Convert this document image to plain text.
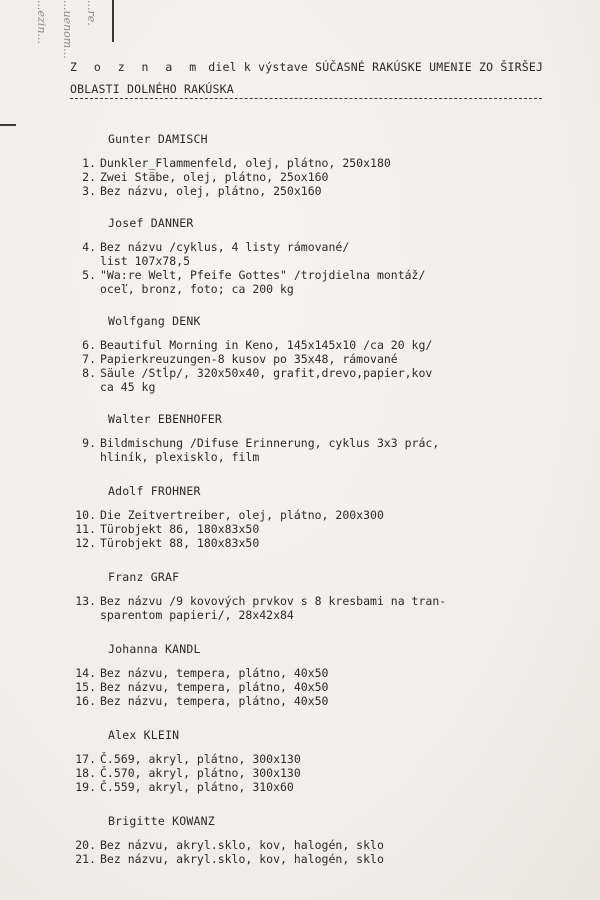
...ezin... ...uenom... ...re.
Z o z n a m diel k výstave SÚČASNÉ RAKÚSKE UMENIE ZO ŠIRŠEJ
OBLASTI DOLNÉHO RAKÚSKA
Gunter DAMISCH
1. Dunkler_Flammenfeld, olej, plátno, 250x180
2. Zwei Stäbe, olej, plátno, 25ox160
3. Bez názvu, olej, plátno, 250x160
Josef DANNER
4. Bez názvu /cyklus, 4 listy rámované/
list 107x78,5
5. "Wa:re Welt, Pfeife Gottes" /trojdielna montáž/
oceľ, bronz, foto; ca 200 kg
Wolfgang DENK
6. Beautiful Morning in Keno, 145x145x10 /ca 20 kg/
7. Papierkreuzungen-8 kusov po 35x48, rámované
8. Säule /Stĺp/, 320x50x40, grafit,drevo,papier,kov
ca 45 kg
Walter EBENHOFER
9. Bildmischung /Difuse Erinnerung, cyklus 3x3 prác,
hliník, plexisklo, film
Adolf FROHNER
10. Die Zeitvertreiber, olej, plátno, 200x300
11. Türobjekt 86, 180x83x50
12. Türobjekt 88, 180x83x50
Franz GRAF
13. Bez názvu /9 kovových prvkov s 8 kresbami na tran-
sparentom papieri/, 28x42x84
Johanna KANDL
14. Bez názvu, tempera, plátno, 40x50
15. Bez názvu, tempera, plátno, 40x50
16. Bez názvu, tempera, plátno, 40x50
Alex KLEIN
17. Č.569, akryl, plátno, 300x130
18. Č.570, akryl, plátno, 300x130
19. Č.559, akryl, plátno, 310x60
Brigitte KOWANZ
20. Bez názvu, akryl.sklo, kov, halogén, sklo
21. Bez názvu, akryl.sklo, kov, halogén, sklo
